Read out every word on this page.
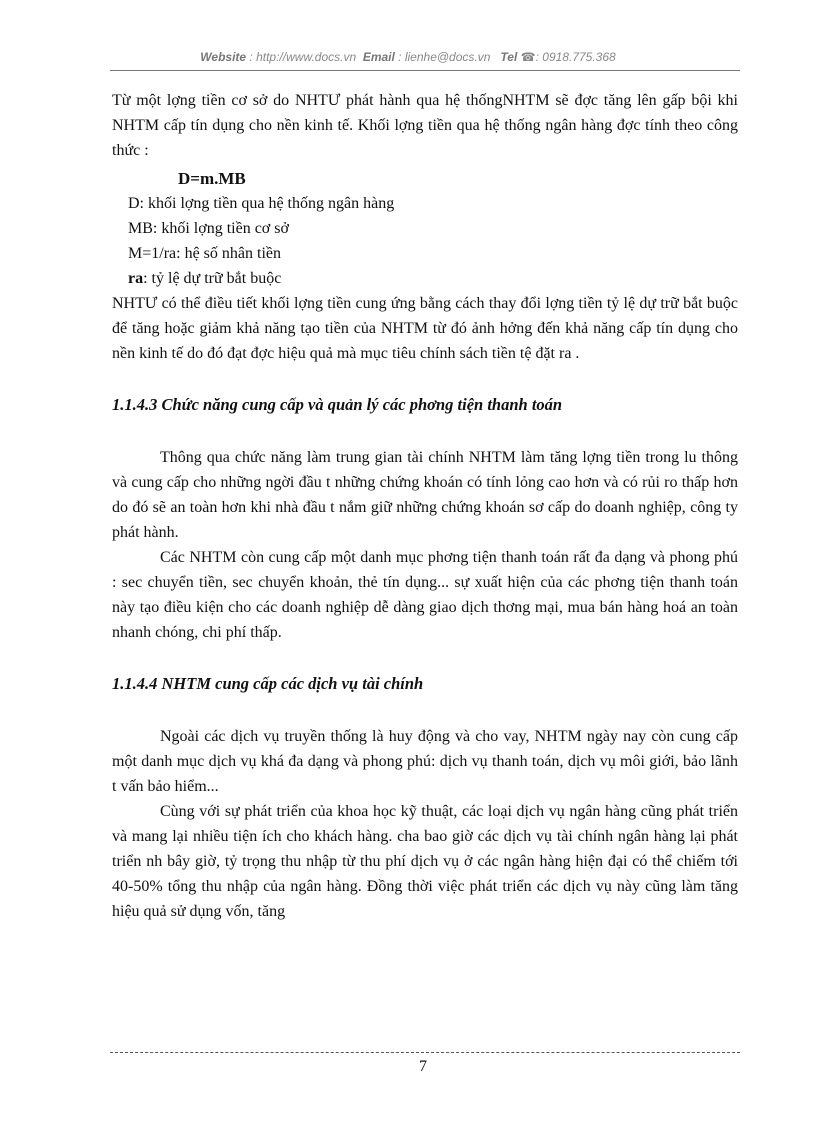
Website : http://www.docs.vn Email : lienhe@docs.vn Tel ☎: 0918.775.368

Từ một lợng tiền cơ sở do NHTƯ phát hành qua hệ thốngNHTM sẽ đợc tăng lên gấp bội khi NHTM cấp tín dụng cho nền kinh tế. Khối lợng tiền qua hệ thống ngân hàng đợc tính theo công thức :

D=m.MB
D: khối lợng tiền qua hệ thống ngân hàng
MB: khối lợng tiền cơ sở
M=1/ra: hệ số nhân tiền
ra: tỷ lệ dự trữ bắt buộc

NHTƯ có thể điều tiết khối lợng tiền cung ứng bằng cách thay đổi lợng tiền tỷ lệ dự trữ bắt buộc để tăng hoặc giảm khả năng tạo tiền của NHTM từ đó ảnh hởng đến khả năng cấp tín dụng cho nền kinh tế do đó đạt đợc hiệu quả mà mục tiêu chính sách tiền tệ đặt ra .

1.1.4.3 Chức năng cung cấp và quản lý các phơng tiện thanh toán

Thông qua chức năng làm trung gian tài chính NHTM làm tăng lợng tiền trong lu thông và cung cấp cho những ngời đầu t những chứng khoán có tính lỏng cao hơn và có rủi ro thấp hơn do đó sẽ an toàn hơn khi nhà đầu t nắm giữ những chứng khoán sơ cấp do doanh nghiệp, công ty phát hành.

Các NHTM còn cung cấp một danh mục phơng tiện thanh toán rất đa dạng và phong phú : sec chuyển tiền, sec chuyển khoản, thẻ tín dụng... sự xuất hiện của các phơng tiện thanh toán này tạo điều kiện cho các doanh nghiệp dễ dàng giao dịch thơng mại, mua bán hàng hoá an toàn nhanh chóng, chi phí thấp.

1.1.4.4 NHTM cung cấp các dịch vụ tài chính

Ngoài các dịch vụ truyền thống là huy động và cho vay, NHTM ngày nay còn cung cấp một danh mục dịch vụ khá đa dạng và phong phú: dịch vụ thanh toán, dịch vụ môi giới, bảo lãnh t vấn bảo hiểm...

Cùng với sự phát triển của khoa học kỹ thuật, các loại dịch vụ ngân hàng cũng phát triển và mang lại nhiều tiện ích cho khách hàng. cha bao giờ các dịch vụ tài chính ngân hàng lại phát triển nh bây giờ, tỷ trọng thu nhập từ thu phí dịch vụ ở các ngân hàng hiện đại có thể chiếm tới 40-50% tổng thu nhập của ngân hàng. Đồng thời việc phát triển các dịch vụ này cũng làm tăng hiệu quả sử dụng vốn, tăng

7
